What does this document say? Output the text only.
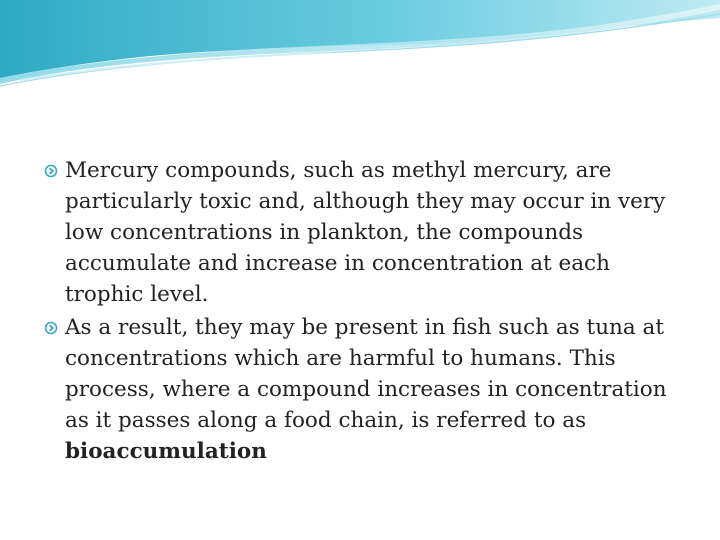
Mercury compounds, such as methyl mercury, are particularly toxic and, although they may occur in very low concentrations in plankton, the compounds accumulate and increase in concentration at each trophic level.
As a result, they may be present in fish such as tuna at concentrations which are harmful to humans. This process, where a compound increases in concentration as it passes along a food chain, is referred to as bioaccumulation
